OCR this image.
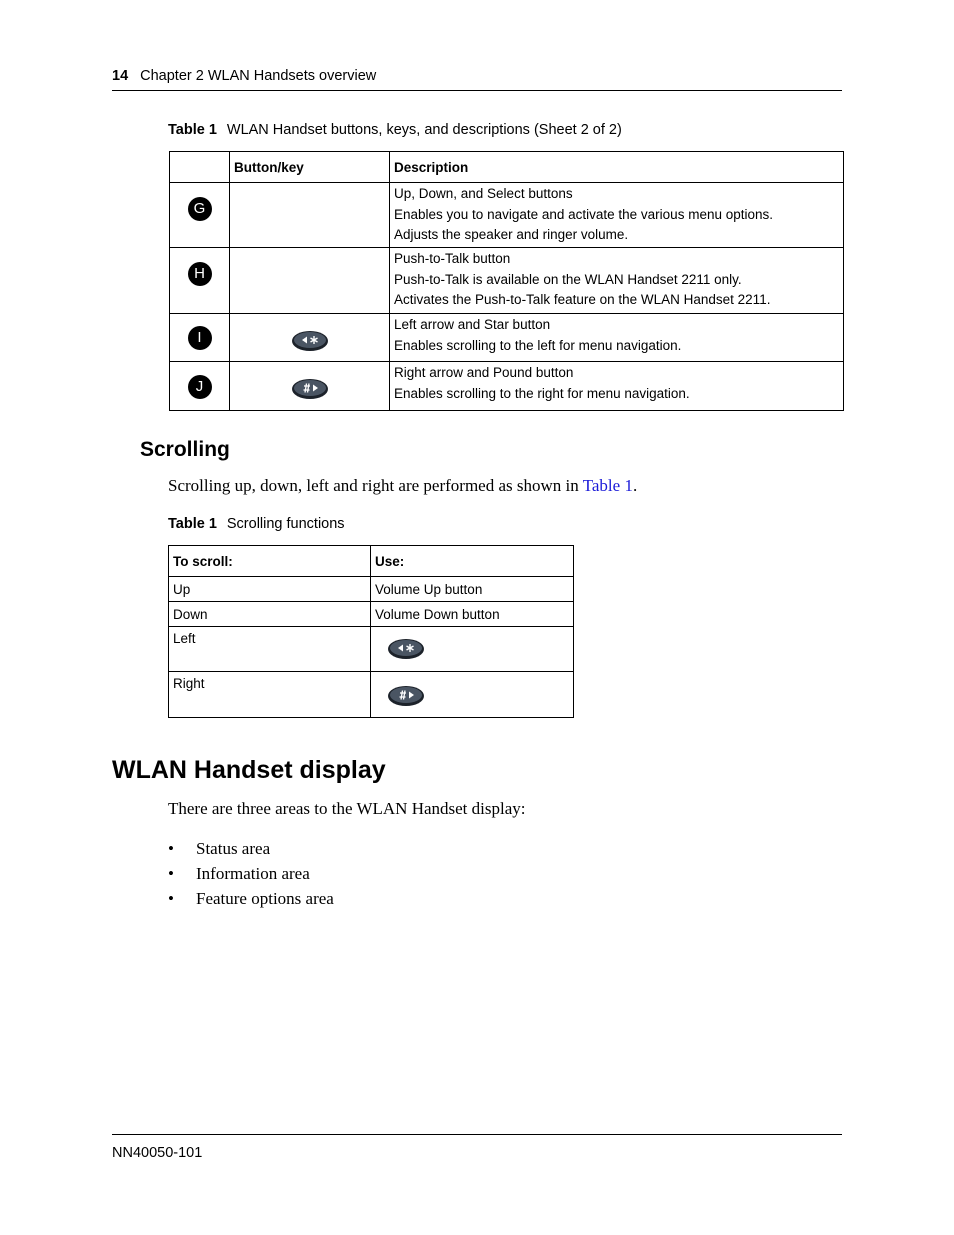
14 Chapter 2 WLAN Handsets overview
Table 1 WLAN Handset buttons, keys, and descriptions (Sheet 2 of 2)
	Button/key	Description
G		Up, Down, and Select buttons
Enables you to navigate and activate the various menu options.
Adjusts the speaker and ringer volume.

H		Push-to-Talk button
Push-to-Talk is available on the WLAN Handset 2211 only.
Activates the Push-to-Talk feature on the WLAN Handset 2211.

I		Left arrow and Star button
Enables scrolling to the left for menu navigation.

J		Right arrow and Pound button
Enables scrolling to the right for menu navigation.
Scrolling
Scrolling up, down, left and right are performed as shown in Table 1.
Table 1 Scrolling functions
To scroll:	Use:
Up	Volume Up button
Down	Volume Down button
Left	

Right	
WLAN Handset display
There are three areas to the WLAN Handset display:
• Status area
• Information area
• Feature options area
NN40050-101
